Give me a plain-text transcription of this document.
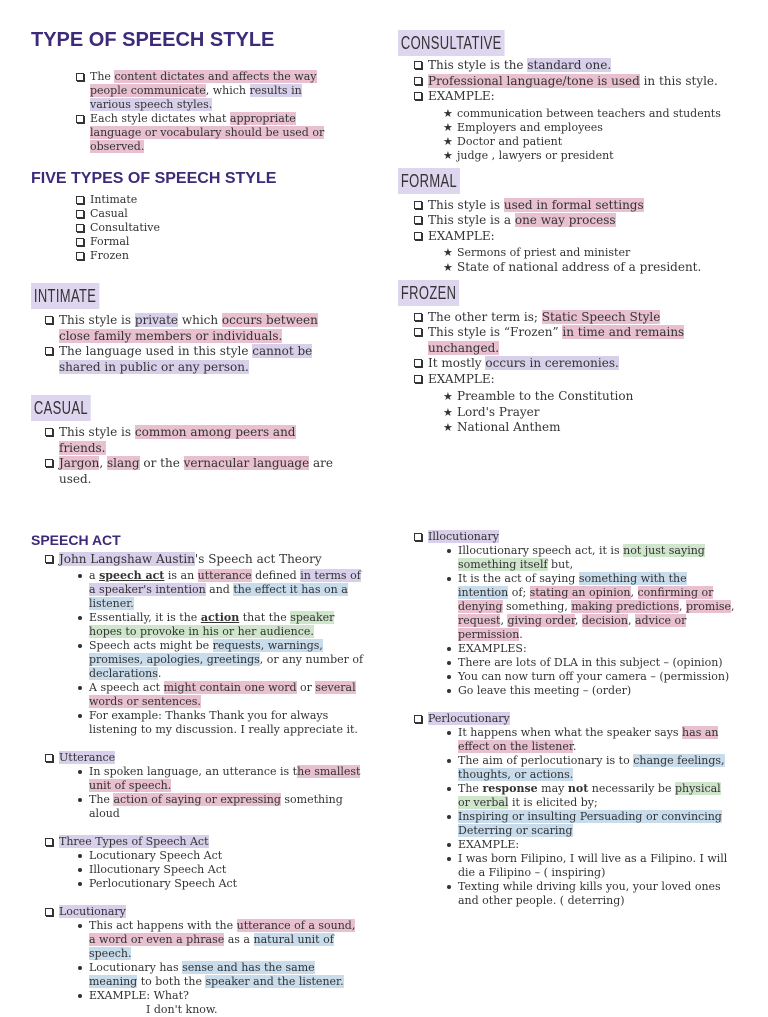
TYPE OF SPEECH STYLE
The content dictates and affects the way people communicate, which results in various speech styles.
Each style dictates what appropriate language or vocabulary should be used or observed.
FIVE TYPES OF SPEECH STYLE
Intimate
Casual
Consultative
Formal
Frozen
INTIMATE
This style is private which occurs between close family members or individuals.
The language used in this style cannot be shared in public or any person.
CASUAL
This style is common among peers and friends.
Jargon, slang or the vernacular language are used.
CONSULTATIVE
This style is the standard one.
Professional language/tone is used in this style.
EXAMPLE:
★ communication between teachers and students
★ Employers and employees
★ Doctor and patient
★ judge , lawyers or president
FORMAL
This style is used in formal settings
This style is a one way process
EXAMPLE:
★ Sermons of priest and minister
★ State of national address of a president.
FROZEN
The other term is; Static Speech Style
This style is “Frozen” in time and remains unchanged.
It mostly occurs in ceremonies.
EXAMPLE:
★ Preamble to the Constitution
★ Lord's Prayer
★ National Anthem
SPEECH ACT
John Langshaw Austin's Speech act Theory
a speech act is an utterance defined in terms of a speaker's intention and the effect it has on a listener.
Essentially, it is the action that the speaker hopes to provoke in his or her audience.
Speech acts might be requests, warnings, promises, apologies, greetings, or any number of declarations.
A speech act might contain one word or several words or sentences.
For example: Thanks Thank you for always listening to my discussion. I really appreciate it.
Utterance
In spoken language, an utterance is the smallest unit of speech.
The action of saying or expressing something aloud
Three Types of Speech Act
Locutionary Speech Act
Illocutionary Speech Act
Perlocutionary Speech Act
Locutionary
This act happens with the utterance of a sound, a word or even a phrase as a natural unit of speech.
Locutionary has sense and has the same meaning to both the speaker and the listener.
EXAMPLE: What?
I don't know.
Illocutionary
Illocutionary speech act, it is not just saying something itself but,
It is the act of saying something with the intention of; stating an opinion, confirming or denying something, making predictions, promise, request, giving order, decision, advice or permission.
EXAMPLES:
There are lots of DLA in this subject – (opinion)
You can now turn off your camera – (permission)
Go leave this meeting – (order)
Perlocutionary
It happens when what the speaker says has an effect on the listener.
The aim of perlocutionary is to change feelings, thoughts, or actions.
The response may not necessarily be physical or verbal it is elicited by;
Inspiring or insulting Persuading or convincing Deterring or scaring
EXAMPLE:
I was born Filipino, I will live as a Filipino. I will die a Filipino – ( inspiring)
Texting while driving kills you, your loved ones and other people. ( deterring)
